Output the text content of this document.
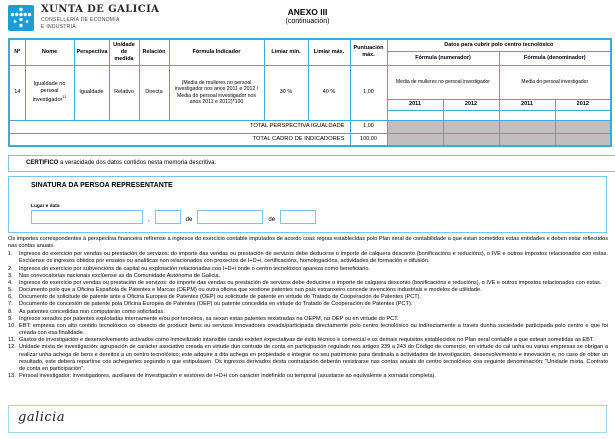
XUNTA DE GALICIA
CONSELLERÍA DE ECONOMÍA
E INDUSTRIA
ANEXO III
(continuación)
Nº	Nome	Perspectiva	Unidade de medida	Relación	Fórmula Indicador	Limiar mín.	Limiar máx.	Puntuación máx.	Datos para cubrir polo centro tecnolóxico			
									Fórmula (numerador)		Fórmula (denominador)	
14	Igualdade no persoal investigador$^{13}$	Igualdade	Relativo	Directa	(Media de mulleres no persoal investigador nos anos 2011 e 2012 / Media do persoal investigador nos anos 2011 e 2012)*100	30 %	40 %	1,00	Media de mulleres no persoal investigador		Media do persoal investigador	
									2011	2012	2011	2012

TOTAL PERSPECTIVA IGUALDADE								1,00				
TOTAL CADRO DE INDICADORES								100,00				
CERTIFICO a veracidade dos datos contidos nesta memoria descritiva.
SINATURA DA PERSOA REPRESENTANTE
Lugar e data
,	de	de
Os importes correspondentes á perspectiva financeira refírense a ingresos do exercicio contable imputados de acordo coas regras establecidas polo Plan xeral de contabilidade a que estan sometidos estas entidades e deben estar reflectidos nas contas anuais.
1.	Ingresos do exercicio por vendas ou prestación de servizos: do importe das vendas ou prestación de servizos debe deducirse o importe de calquera desconto (bonificacións e reducións), o IVE e outros impostos relacionados con estas. Exclúense os ingresos obtidos por ensaios ou analíticas non relacionados con proxectos de I+D+i, certificacións, homologacións, actividades de formación e difusión.
2.	Ingresos do exercicio por subvencións de capital ou explotación relacionadas coa I+D+i onde o centro tecnolóxico apareza como beneficiario.
3.	Nas convocatorias nacionais exclúense as da Comunidade Autónoma de Galicia.
4.	Ingresos do exercicio por vendas ou prestación de servizos: do importe das vendas ou prestación de servizos debe deducirse o importe de calquera desconto (bonificacións e reducións), o IVE e outros impostos relacionados con estas.
5.	Documento polo que a Oficina Española de Patentes e Marcas (OEPM) ou outra oficina que xestione patentes nun país estranxeiro concede invencións industriais e modelos de utilidade.
6.	Documento de solicitude de patente ante a Oficina Europea de Patentes (OEP) ou solicitude de patente en virtude do Tratado de Cooperación de Patentes (PCT).
7.	Documento de concesión de patente pola Oficina Europea de Patentes (OEP) ou patente concedida en virtude do Tratado de Cooperación de Patentes (PCT).
8.	As patentes concedidas non computarán como solicitadas.
9.	Ingresos xerados por patentes explotadas internamente e/ou por terceiros, xa sexan estas patentes rexistradas na OEPM, na OEP ou en virtude do PCT.
10. EBT: empresa con alto contido tecnolóxico co obxecto de producir bens ou servizos innovadores creada/participada directamente polo centro tecnolóxico ou indirectamente a través dunha sociedade participada polo centro e que foi creada con esa finalidade.
11. Gastos de investigación e desenvolvemento activados como inmovilizado intanxible cando existen expectativas de éxito técnico e comercial e os demais requisitos establecidos no Plan xeral contable a que estean sometidas as EBT.
12. Unidade mixta de investigación: agrupación de carácter asociativo creada en virtude dun contrato de conta en participación regulado nos artigos 239 a 243 do Código de comercio, en virtude do cal unha ou varias empresas se obrigan a realizar unha achega de bens e dereitos a un centro tecnolóxico; este adquire a dita achega en propiedade e integrar no seu patrimonio para destinala a actividades de investigación, desenvolvemento e innovación e, no caso de obter un resultado, este deberá repartirse cos achegantes segundo o que estipulasen. Os ingresos derivados desta contratación deberán rexistrarse nas contas anuais do centro tecnolóxico coa seguinte denominación: "Unidade mixta. Contrato de conta en participación".
13. Persoal investigador: investigadores, auxiliares de investigación e xestores de I+D+i con carácter indefinido ou temporal (axustarse ao equivalente a xornada completa).
galicia
